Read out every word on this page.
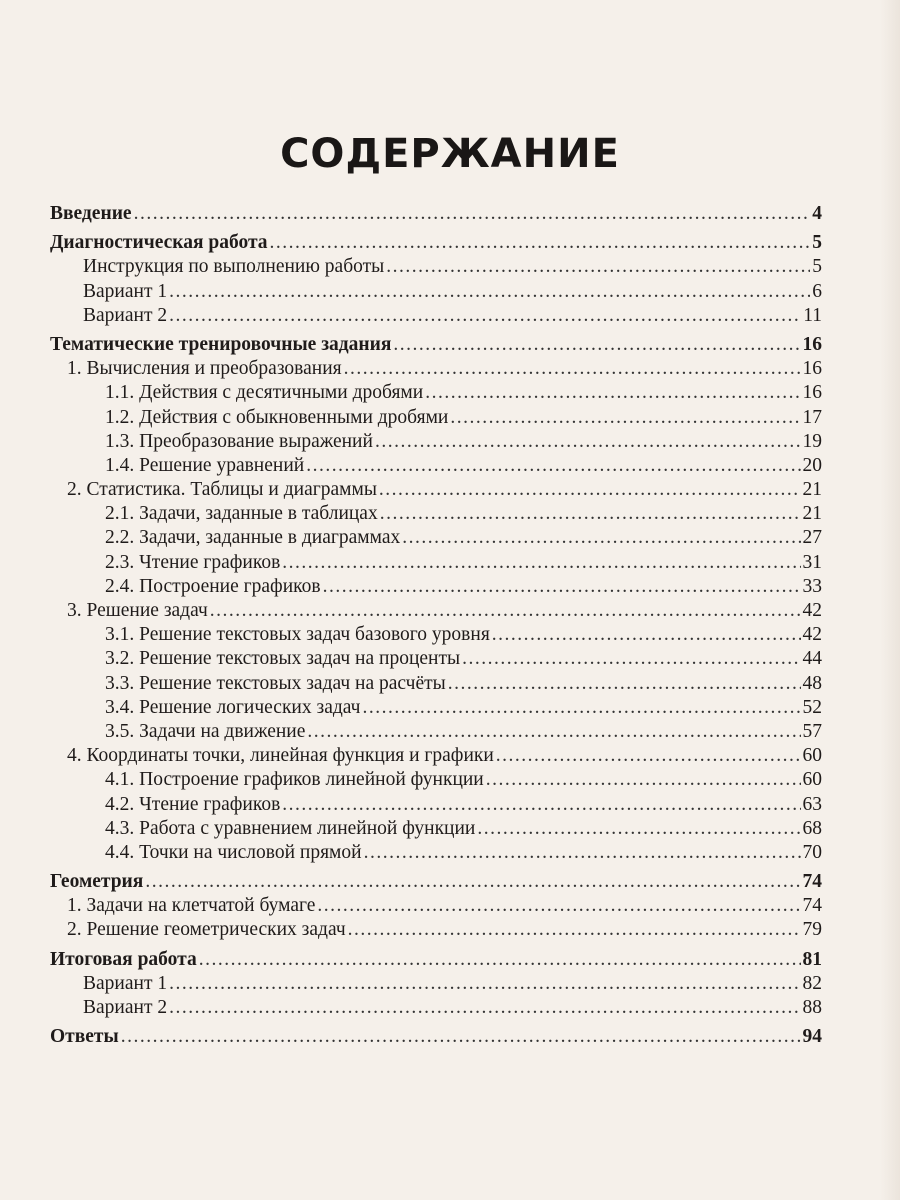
СОДЕРЖАНИЕ
Введение .....	4
Диагностическая работа .....	5
Инструкция по выполнению работы .....	5
Вариант 1 .....	6
Вариант 2 .....	11
Тематические тренировочные задания .....	16
1. Вычисления и преобразования .....	16
1.1. Действия с десятичными дробями .....	16
1.2. Действия с обыкновенными дробями .....	17
1.3. Преобразование выражений .....	19
1.4. Решение уравнений .....	20
2. Статистика. Таблицы и диаграммы .....	21
2.1. Задачи, заданные в таблицах .....	21
2.2. Задачи, заданные в диаграммах .....	27
2.3. Чтение графиков .....	31
2.4. Построение графиков .....	33
3. Решение задач .....	42
3.1. Решение текстовых задач базового уровня .....	42
3.2. Решение текстовых задач на проценты .....	44
3.3. Решение текстовых задач на расчёты .....	48
3.4. Решение логических задач .....	52
3.5. Задачи на движение .....	57
4. Координаты точки, линейная функция и графики .....	60
4.1. Построение графиков линейной функции .....	60
4.2. Чтение графиков .....	63
4.3. Работа с уравнением линейной функции .....	68
4.4. Точки на числовой прямой .....	70
Геометрия .....	74
1. Задачи на клетчатой бумаге .....	74
2. Решение геометрических задач .....	79
Итоговая работа .....	81
Вариант 1 .....	82
Вариант 2 .....	88
Ответы .....	94
